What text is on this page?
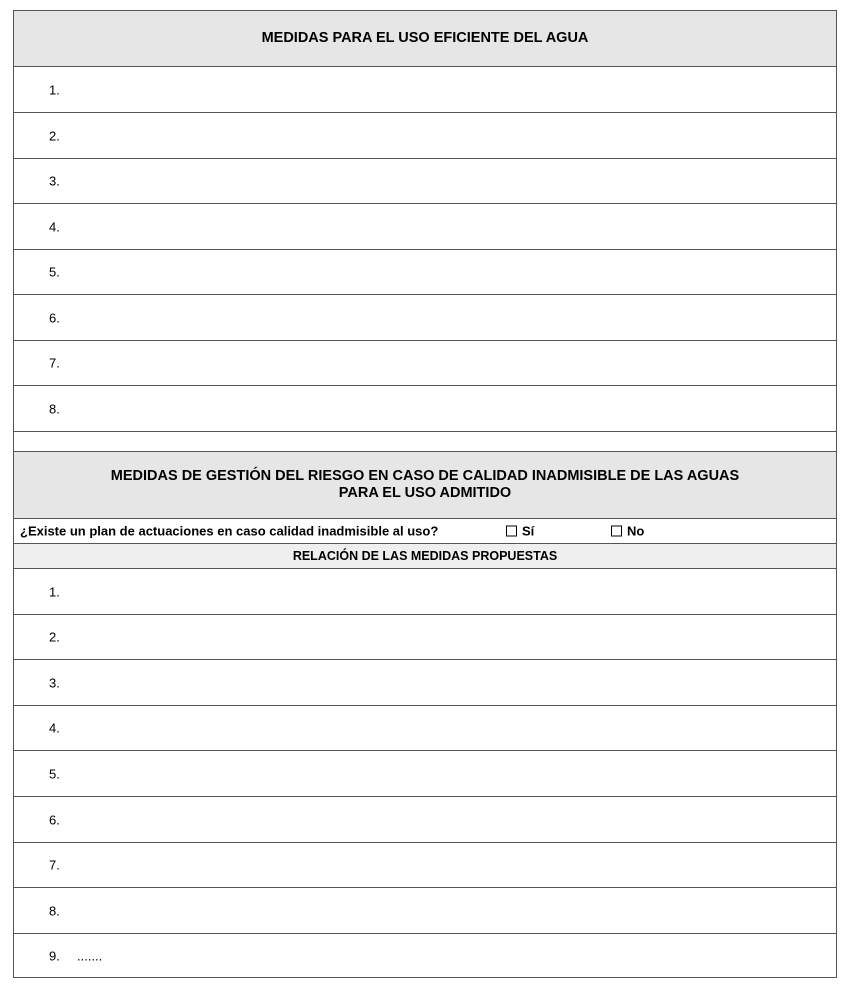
MEDIDAS PARA EL USO EFICIENTE DEL AGUA
1.
2.
3.
4.
5.
6.
7.
8.
MEDIDAS DE GESTIÓN DEL RIESGO EN CASO DE CALIDAD INADMISIBLE DE LAS AGUAS
PARA EL USO ADMITIDO
¿Existe un plan de actuaciones en caso calidad inadmisible al uso?	Sí	No
RELACIÓN DE LAS MEDIDAS PROPUESTAS
1.
2.
3.
4.
5.
6.
7.
8.
9. .......
